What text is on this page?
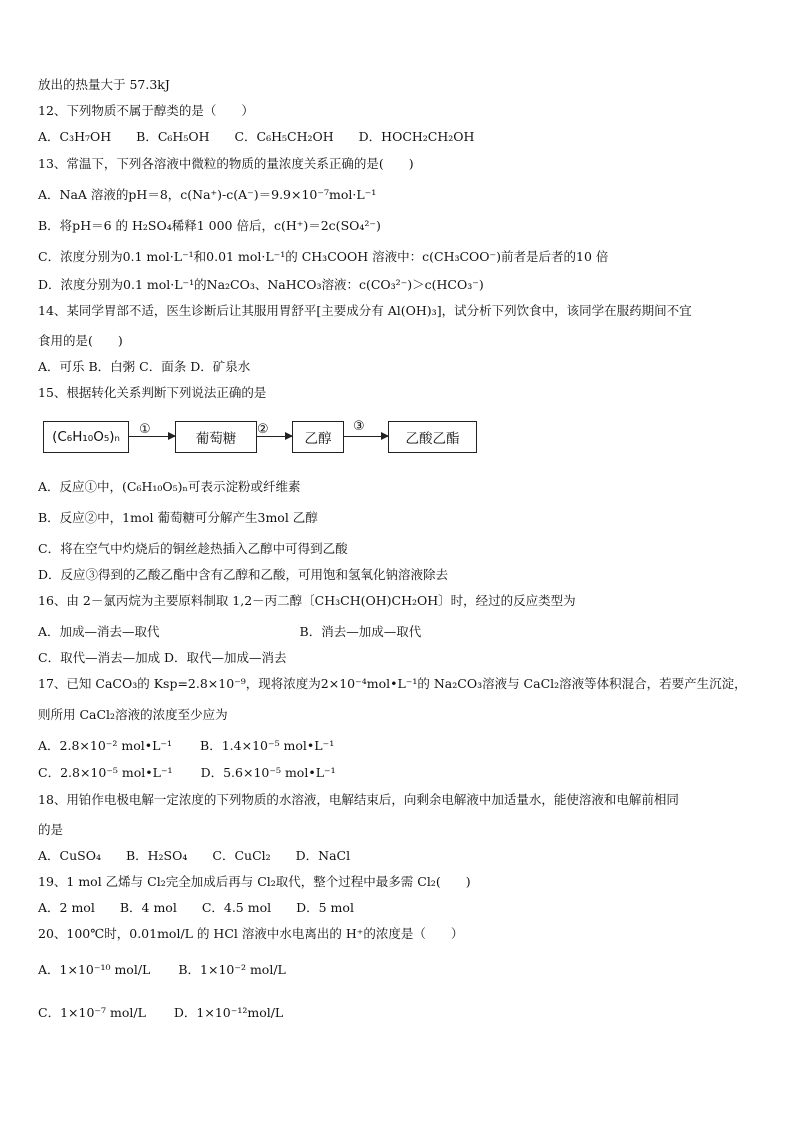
放出的热量大于 57.3kJ
12、下列物质不属于醇类的是（　　）
A．C₃H₇OH　　B．C₆H₅OH　　C．C₆H₅CH₂OH　　D．HOCH₂CH₂OH
13、常温下，下列各溶液中微粒的物质的量浓度关系正确的是(　　)
A．NaA 溶液的pH＝8，c(Na⁺)-c(A⁻)＝9.9×10⁻⁷mol·L⁻¹
B．将pH＝6 的 H₂SO₄稀释1 000 倍后，c(H⁺)＝2c(SO₄²⁻)
C．浓度分别为0.1 mol·L⁻¹和0.01 mol·L⁻¹的 CH₃COOH 溶液中：c(CH₃COO⁻)前者是后者的10 倍
D．浓度分别为0.1 mol·L⁻¹的Na₂CO₃、NaHCO₃溶液：c(CO₃²⁻)＞c(HCO₃⁻)
14、某同学胃部不适，医生诊断后让其服用胃舒平[主要成分有 Al(OH)₃]，试分析下列饮食中，该同学在服药期间不宜
食用的是(　　)
A．可乐 B．白粥 C．面条 D．矿泉水
15、根据转化关系判断下列说法正确的是
(C₆H₁₀O₅)ₙ	①
葡萄糖
②
乙醇
③
乙酸乙酯
A．反应①中，(C₆H₁₀O₅)ₙ可表示淀粉或纤维素
B．反应②中，1mol 葡萄糖可分解产生3mol 乙醇
C．将在空气中灼烧后的铜丝趁热插入乙醇中可得到乙酸
D．反应③得到的乙酸乙酯中含有乙醇和乙酸，可用饱和氢氧化钠溶液除去
16、由 2－氯丙烷为主要原料制取 1,2－丙二醇〔CH₃CH(OH)CH₂OH〕时，经过的反应类型为
A．加成—消去—取代	B．消去—加成—取代
C．取代—消去—加成 D．取代—加成—消去
17、已知 CaCO₃的 Ksp=2.8×10⁻⁹，现将浓度为2×10⁻⁴mol•L⁻¹的 Na₂CO₃溶液与 CaCl₂溶液等体积混合，若要产生沉淀，
则所用 CaCl₂溶液的浓度至少应为
A．2.8×10⁻² mol•L⁻¹ B．1.4×10⁻⁵ mol•L⁻¹
C．2.8×10⁻⁵ mol•L⁻¹ D．5.6×10⁻⁵ mol•L⁻¹
18、用铂作电极电解一定浓度的下列物质的水溶液，电解结束后，向剩余电解液中加适量水，能使溶液和电解前相同
的是
A．CuSO₄　　B．H₂SO₄　　C．CuCl₂　　D．NaCl
19、1 mol 乙烯与 Cl₂完全加成后再与 Cl₂取代，整个过程中最多需 Cl₂(　　)
A．2 mol　　B．4 mol　　C．4.5 mol　　D．5 mol
20、100℃时，0.01mol/L 的 HCl 溶液中水电离出的 H⁺的浓度是（　　）
A．1×10⁻¹⁰ mol/L B．1×10⁻² mol/L
C．1×10⁻⁷ mol/L D．1×10⁻¹²mol/L
